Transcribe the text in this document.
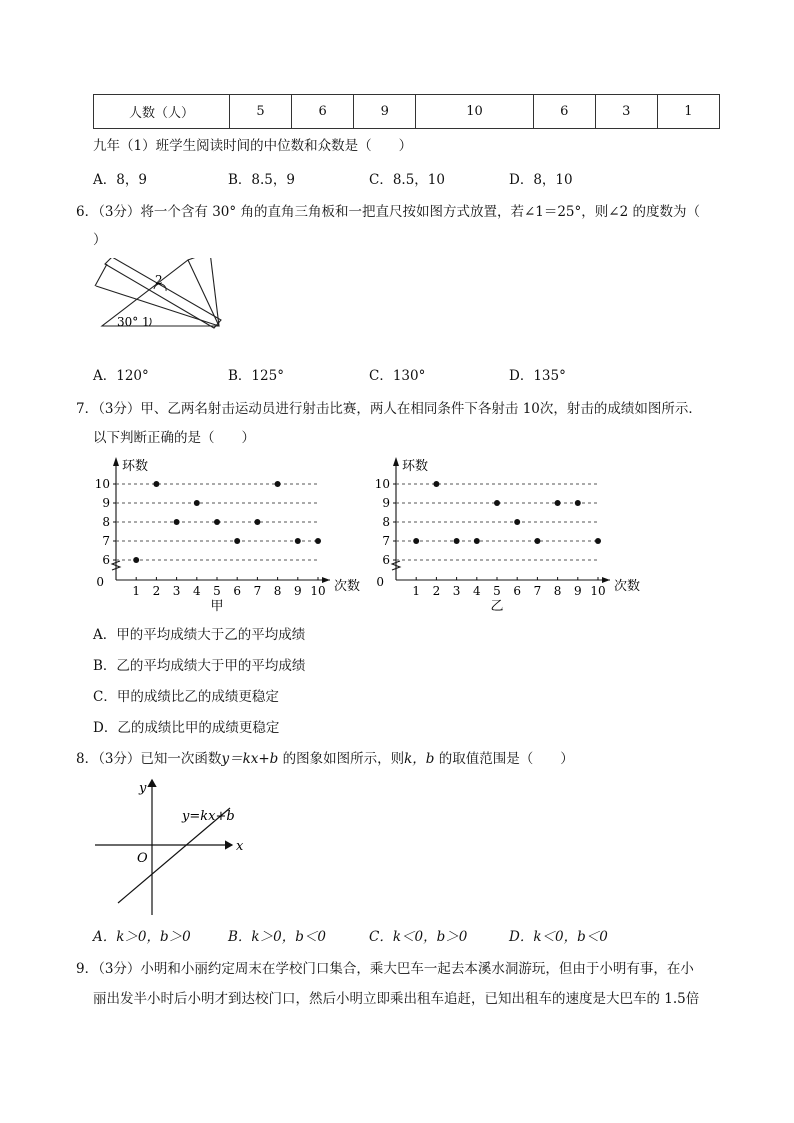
人数（人）	5	6	9	10	6	3	1
九年（1）班学生阅读时间的中位数和众数是（　　）
A．8，9	B．8.5，9	C．8.5，10	D．8，10
6．（3分）将一个含有 30° 角的直角三角板和一把直尺按如图方式放置，若∠1＝25°，则∠2 的度数为（
）
2
30° 1
A．120°	B．125°	C．130°	D．135°
7．（3分）甲、乙两名射击运动员进行射击比赛，两人在相同条件下各射击 10次，射击的成绩如图所示．
以下判断正确的是（　　）
6
7
8
9
10
1 2 3 4 5 6 7 8 9 10
0
环数
次数
甲
6
7
8
9
10
1 2 3 4 5 6 7 8 9 10
0
环数
次数
乙
A．甲的平均成绩大于乙的平均成绩
B．乙的平均成绩大于甲的平均成绩
C．甲的成绩比乙的成绩更稳定
D．乙的成绩比甲的成绩更稳定
8．（3分）已知一次函数y＝kx+b 的图象如图所示，则k，b 的取值范围是（　　）
y
x
O
y=kx+b
A．k＞0，b＞0	B．k＞0，b＜0	C．k＜0，b＞0	D．k＜0，b＜0
9．（3分）小明和小丽约定周末在学校门口集合，乘大巴车一起去本溪水洞游玩，但由于小明有事，在小
丽出发半小时后小明才到达校门口，然后小明立即乘出租车追赶，已知出租车的速度是大巴车的 1.5倍
